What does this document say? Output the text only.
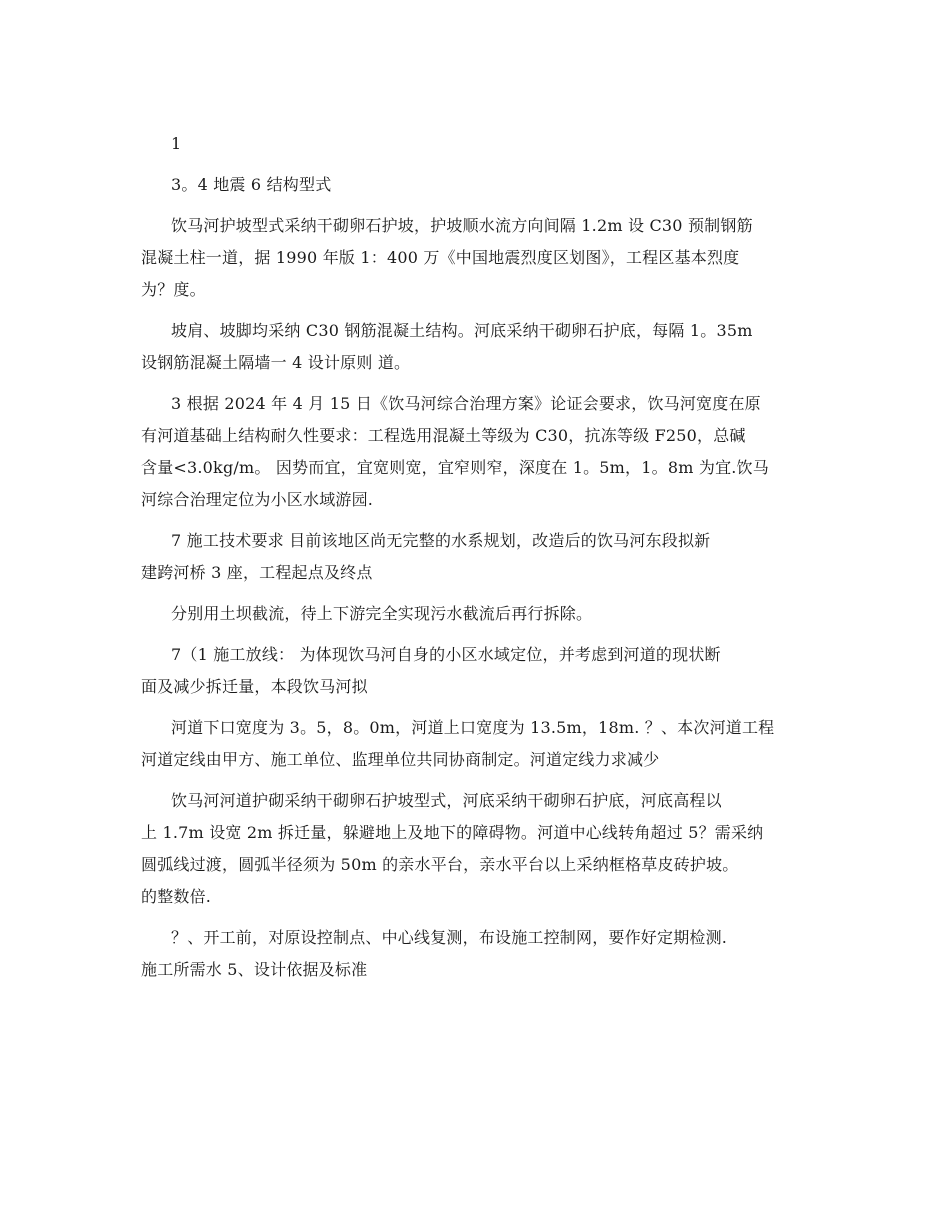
1
3。4 地震 6 结构型式
饮马河护坡型式采纳干砌卵石护坡，护坡顺水流方向间隔 1.2m 设 C30 预制钢筋
混凝土柱一道，据 1990 年版 1：400 万《中国地震烈度区划图》，工程区基本烈度
为？度。
坡肩、坡脚均采纳 C30 钢筋混凝土结构。河底采纳干砌卵石护底，每隔 1。35m
设钢筋混凝土隔墙一 4 设计原则 道。
3 根据 2024 年 4 月 15 日《饮马河综合治理方案》论证会要求，饮马河宽度在原
有河道基础上结构耐久性要求：工程选用混凝土等级为 C30，抗冻等级 F250，总碱
含量<3.0kg/m。 因势而宜，宜宽则宽，宜窄则窄，深度在 1。5m，1。8m 为宜.饮马
河综合治理定位为小区水域游园.
7 施工技术要求 目前该地区尚无完整的水系规划，改造后的饮马河东段拟新
建跨河桥 3 座，工程起点及终点
分别用土坝截流，待上下游完全实现污水截流后再行拆除。
7（1 施工放线： 为体现饮马河自身的小区水域定位，并考虑到河道的现状断
面及减少拆迁量，本段饮马河拟
河道下口宽度为 3。5，8。0m，河道上口宽度为 13.5m，18m. ？、本次河道工程
河道定线由甲方、施工单位、监理单位共同协商制定。河道定线力求减少
饮马河河道护砌采纳干砌卵石护坡型式，河底采纳干砌卵石护底，河底高程以
上 1.7m 设宽 2m 拆迁量，躲避地上及地下的障碍物。河道中心线转角超过 5？需采纳
圆弧线过渡，圆弧半径须为 50m 的亲水平台，亲水平台以上采纳框格草皮砖护坡。
的整数倍.
？、开工前，对原设控制点、中心线复测，布设施工控制网，要作好定期检测.
施工所需水 5、设计依据及标准
